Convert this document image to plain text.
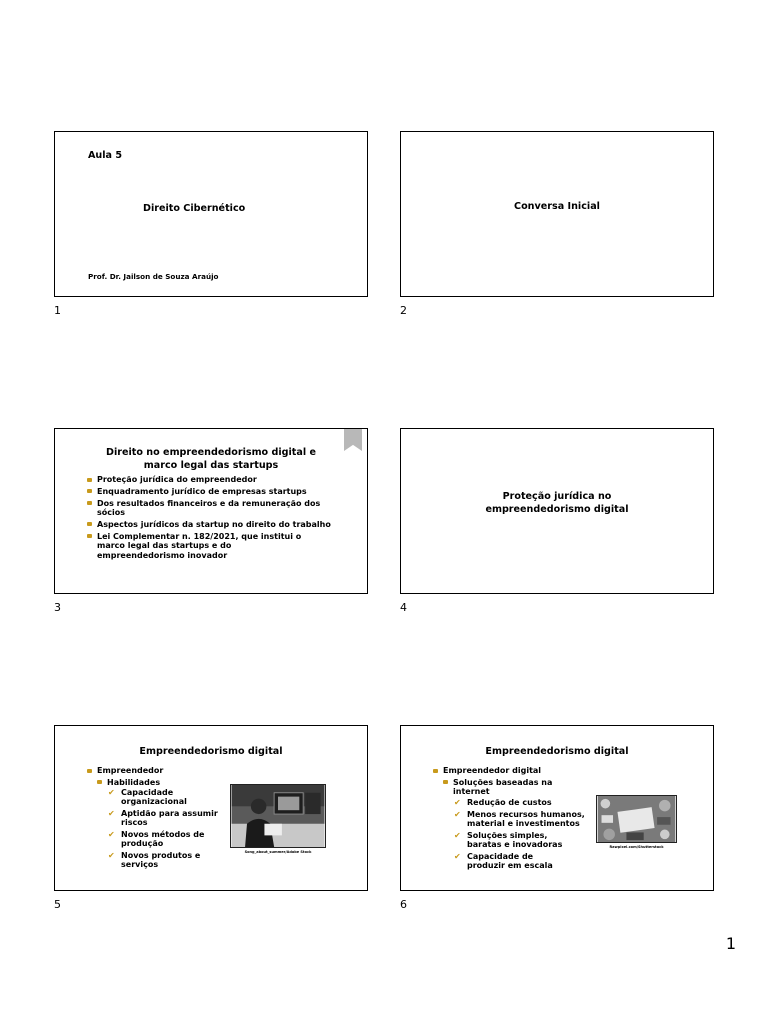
Aula 5
Direito Cibernético
Prof. Dr. Jailson de Souza Araújo
1
Conversa Inicial
2
Direito no empreendedorismo digital e
marco legal das startups
Proteção jurídica do empreendedor
Enquadramento jurídico de empresas startups
Dos resultados financeiros e da remuneração dos sócios
Aspectos jurídicos da startup no direito do trabalho
Lei Complementar n. 182/2021, que institui o marco legal das startups e do empreendedorismo inovador
3
Proteção jurídica no
empreendedorismo digital
4
Empreendedorismo digital
Empreendedor
Habilidades
✔ Capacidade organizacional
✔ Aptidão para assumir riscos
✔ Novos métodos de produção
✔ Novos produtos e serviços
Song_about_summer/Adobe Stock
5
Empreendedorismo digital
Empreendedor digital
Soluções baseadas na internet
✔ Redução de custos
✔ Menos recursos humanos, material e investimentos
✔ Soluções simples, baratas e inovadoras
✔ Capacidade de produzir em escala
Rawpixel.com/Shutterstock
6
1
